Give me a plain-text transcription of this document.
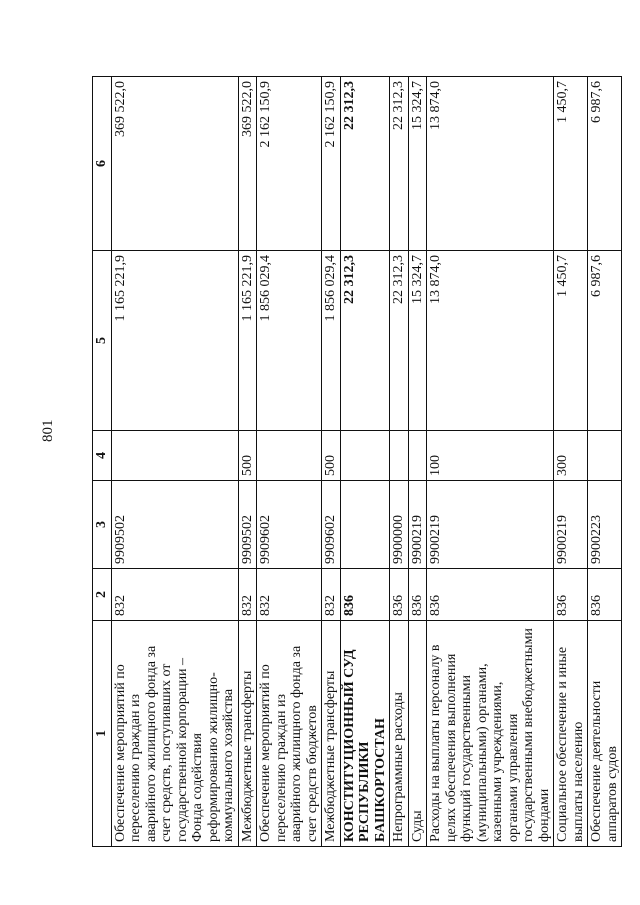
801
1	2	3	4	5	6
Обеспечение мероприятий по переселению граждан из аварийного жилищного фонда за счет средств, поступивших от государственной корпорации – Фонда содействия реформированию жилищно-коммунального хозяйства	832	9909502		1 165 221,9	369 522,0
Межбюджетные трансферты	832	9909502	500	1 165 221,9	369 522,0
Обеспечение мероприятий по переселению граждан из аварийного жилищного фонда за счет средств бюджетов	832	9909602		1 856 029,4	2 162 150,9
Межбюджетные трансферты	832	9909602	500	1 856 029,4	2 162 150,9
КОНСТИТУЦИОННЫЙ СУД РЕСПУБЛИКИ БАШКОРТОСТАН	836			22 312,3	22 312,3
Непрограммные расходы	836	9900000		22 312,3	22 312,3
Суды	836	9900219		15 324,7	15 324,7
Расходы на выплаты персоналу в целях обеспечения выполнения функций государственными (муниципальными) органами, казенными учреждениями, органами управления государственными внебюджетными фондами	836	9900219	100	13 874,0	13 874,0
Социальное обеспечение и иные выплаты населению	836	9900219	300	1 450,7	1 450,7
Обеспечение деятельности аппаратов судов	836	9900223		6 987,6	6 987,6
